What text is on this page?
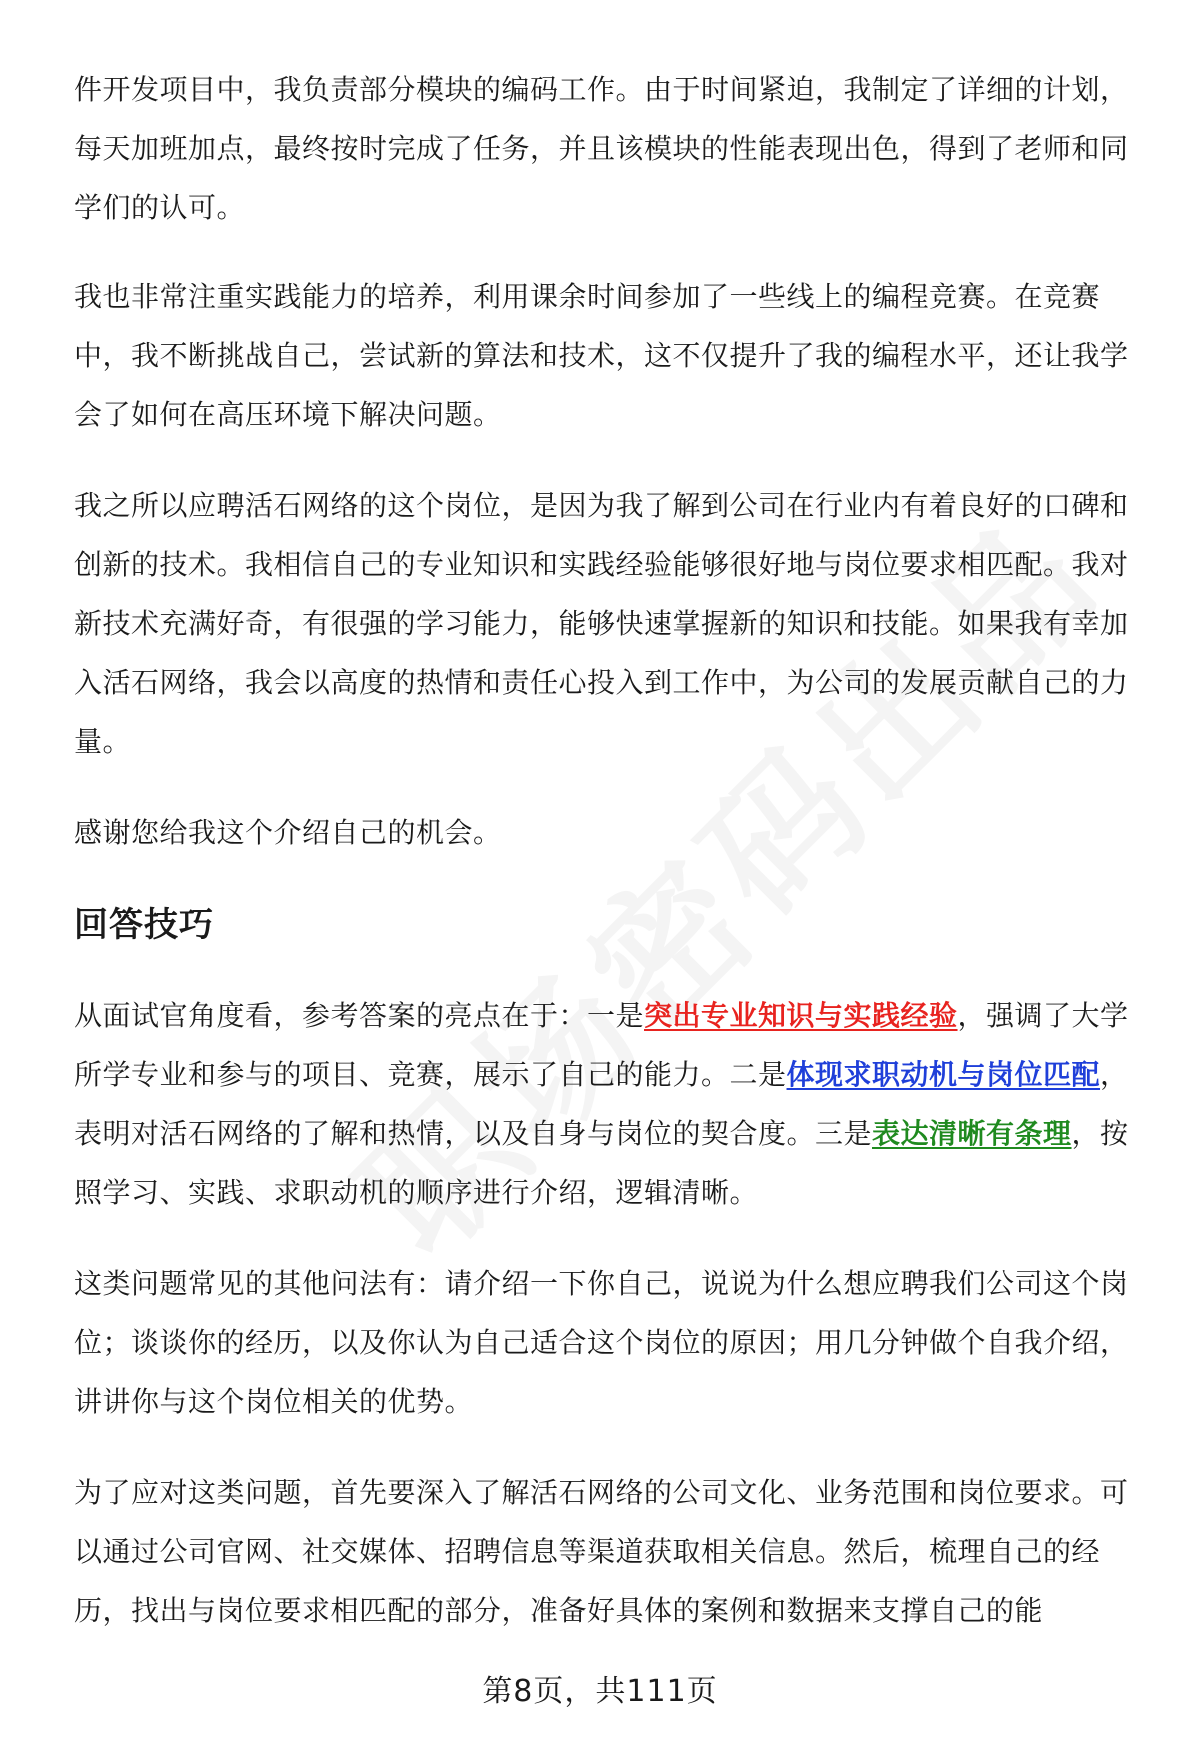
件开发项目中，我负责部分模块的编码工作。由于时间紧迫，我制定了详细的计划，每天加班加点，最终按时完成了任务，并且该模块的性能表现出色，得到了老师和同学们的认可。

我也非常注重实践能力的培养，利用课余时间参加了一些线上的编程竞赛。在竞赛中，我不断挑战自己，尝试新的算法和技术，这不仅提升了我的编程水平，还让我学会了如何在高压环境下解决问题。

我之所以应聘活石网络的这个岗位，是因为我了解到公司在行业内有着良好的口碑和创新的技术。我相信自己的专业知识和实践经验能够很好地与岗位要求相匹配。我对新技术充满好奇，有很强的学习能力，能够快速掌握新的知识和技能。如果我有幸加入活石网络，我会以高度的热情和责任心投入到工作中，为公司的发展贡献自己的力量。

感谢您给我这个介绍自己的机会。

回答技巧

从面试官角度看，参考答案的亮点在于：一是突出专业知识与实践经验，强调了大学所学专业和参与的项目、竞赛，展示了自己的能力。二是体现求职动机与岗位匹配，表明对活石网络的了解和热情，以及自身与岗位的契合度。三是表达清晰有条理，按照学习、实践、求职动机的顺序进行介绍，逻辑清晰。

这类问题常见的其他问法有：请介绍一下你自己，说说为什么想应聘我们公司这个岗位；谈谈你的经历，以及你认为自己适合这个岗位的原因；用几分钟做个自我介绍，讲讲你与这个岗位相关的优势。

为了应对这类问题，首先要深入了解活石网络的公司文化、业务范围和岗位要求。可以通过公司官网、社交媒体、招聘信息等渠道获取相关信息。然后，梳理自己的经历，找出与岗位要求相匹配的部分，准备好具体的案例和数据来支撑自己的能

第8页，共111页
